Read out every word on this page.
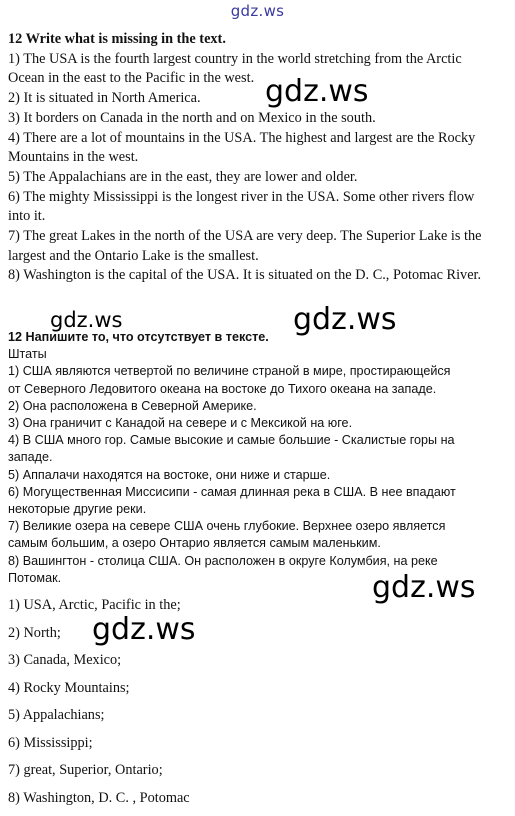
gdz.ws

12 Write what is missing in the text.

1) The USA is the fourth largest country in the world stretching from the Arctic

Ocean in the east to the Pacific in the west.

2) It is situated in North America.

3) It borders on Canada in the north and on Mexico in the south.

4) There are a lot of mountains in the USA. The highest and largest are the Rocky

Mountains in the west.

5) The Appalachians are in the east, they are lower and older.

6) The mighty Mississippi is the longest river in the USA. Some other rivers flow

into it.

7) The great Lakes in the north of the USA are very deep. The Superior Lake is the

largest and the Ontario Lake is the smallest.

8) Washington is the capital of the USA. It is situated on the D. C., Potomac River.

12 Напишите то, что отсутствует в тексте.

Штаты

1) США являются четвертой по величине страной в мире, простирающейся

от Северного Ледовитого океана на востоке до Тихого океана на западе.

2) Она расположена в Северной Америке.

3) Она граничит с Канадой на севере и с Мексикой на юге.

4) В США много гор. Самые высокие и самые большие - Скалистые горы на

западе.

5) Аппалачи находятся на востоке, они ниже и старше.

6) Могущественная Миссисипи - самая длинная река в США. В нее впадают

некоторые другие реки.

7) Великие озера на севере США очень глубокие. Верхнее озеро является

самым большим, а озеро Онтарио является самым маленьким.

8) Вашингтон - столица США. Он расположен в округе Колумбия, на реке

Потомак.

1) USA, Arctic, Pacific in the;

2) North;

3) Canada, Mexico;

4) Rocky Mountains;

5) Appalachians;

6) Mississippi;

7) great, Superior, Ontario;

8) Washington, D. C. , Potomac

gdz.ws
gdz.ws	gdz.ws
gdz.ws
gdz.ws
